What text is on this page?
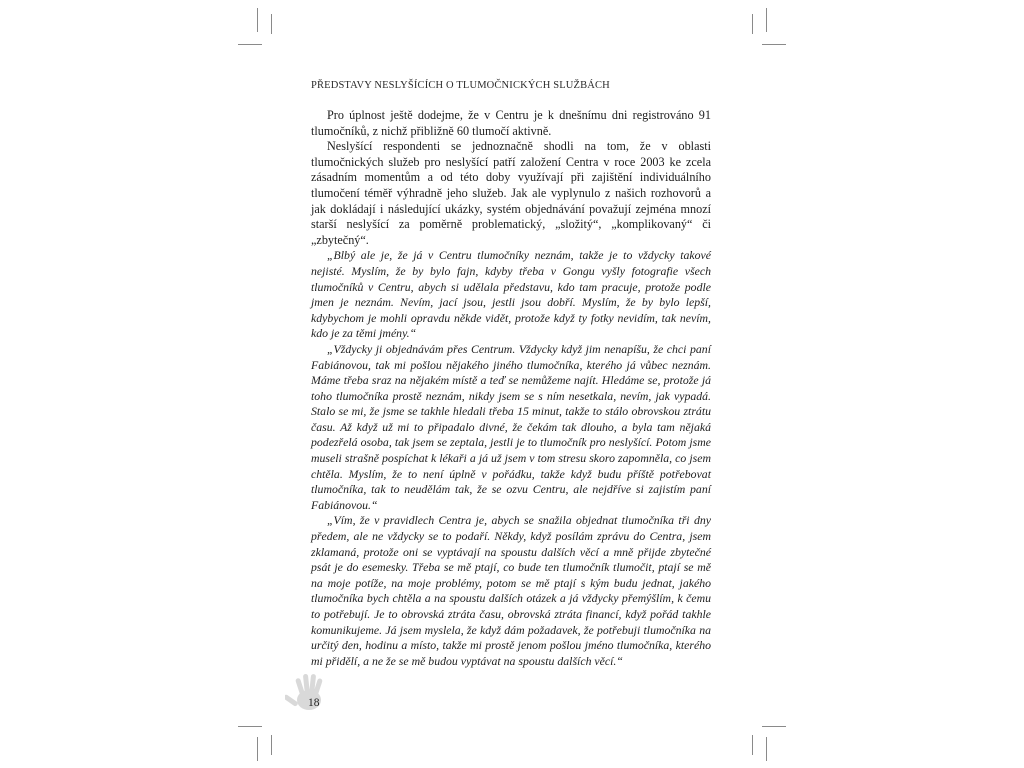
PŘEDSTAVY NESLYŠÍCÍCH O TLUMOČNICKÝCH SLUŽBÁCH

Pro úplnost ještě dodejme, že v Centru je k dnešnímu dni registrováno 91 tlumočníků, z nichž přibližně 60 tlumočí aktivně.

Neslyšící respondenti se jednoznačně shodli na tom, že v oblasti tlumočnických služeb pro neslyšící patří založení Centra v roce 2003 ke zcela zásadním momentům a od této doby využívají při zajištění individuálního tlumočení téměř výhradně jeho služeb. Jak ale vyplynulo z našich rozhovorů a jak dokládají i následující ukázky, systém objednávání považují zejména mnozí starší neslyšící za poměrně problematický, „složitý“, „komplikovaný“ či „zbytečný“.

„Blbý ale je, že já v Centru tlumočníky neznám, takže je to vždycky takové nejisté. Myslím, že by bylo fajn, kdyby třeba v Gongu vyšly fotografie všech tlumočníků v Centru, abych si udělala představu, kdo tam pracuje, protože podle jmen je neznám. Nevím, jací jsou, jestli jsou dobří. Myslím, že by bylo lepší, kdybychom je mohli opravdu někde vidět, protože když ty fotky nevidím, tak nevím, kdo je za těmi jmény.“

„Vždycky ji objednávám přes Centrum. Vždycky když jim nenapíšu, že chci paní Fabiánovou, tak mi pošlou nějakého jiného tlumočníka, kterého já vůbec neznám. Máme třeba sraz na nějakém místě a teď se nemůžeme najít. Hledáme se, protože já toho tlumočníka prostě neznám, nikdy jsem se s ním nesetkala, nevím, jak vypadá. Stalo se mi, že jsme se takhle hledali třeba 15 minut, takže to stálo obrovskou ztrátu času. Až když už mi to připadalo divné, že čekám tak dlouho, a byla tam nějaká podezřelá osoba, tak jsem se zeptala, jestli je to tlumočník pro neslyšící. Potom jsme museli strašně pospíchat k lékaři a já už jsem v tom stresu skoro zapomněla, co jsem chtěla. Myslím, že to není úplně v pořádku, takže když budu příště potřebovat tlumočníka, tak to neudělám tak, že se ozvu Centru, ale nejdříve si zajistím paní Fabiánovou.“

„Vím, že v pravidlech Centra je, abych se snažila objednat tlumočníka tři dny předem, ale ne vždycky se to podaří. Někdy, když posílám zprávu do Centra, jsem zklamaná, protože oni se vyptávají na spoustu dalších věcí a mně přijde zbytečné psát je do esemesky. Třeba se mě ptají, co bude ten tlumočník tlumočit, ptají se mě na moje potíže, na moje problémy, potom se mě ptají s kým budu jednat, jakého tlumočníka bych chtěla a na spoustu dalších otázek a já vždycky přemýšlím, k čemu to potřebují. Je to obrovská ztráta času, obrovská ztráta financí, když pořád takhle komunikujeme. Já jsem myslela, že když dám požadavek, že potřebuji tlumočníka na určitý den, hodinu a místo, takže mi prostě jenom pošlou jméno tlumočníka, kterého mi přidělí, a ne že se mě budou vyptávat na spoustu dalších věcí.“

18
